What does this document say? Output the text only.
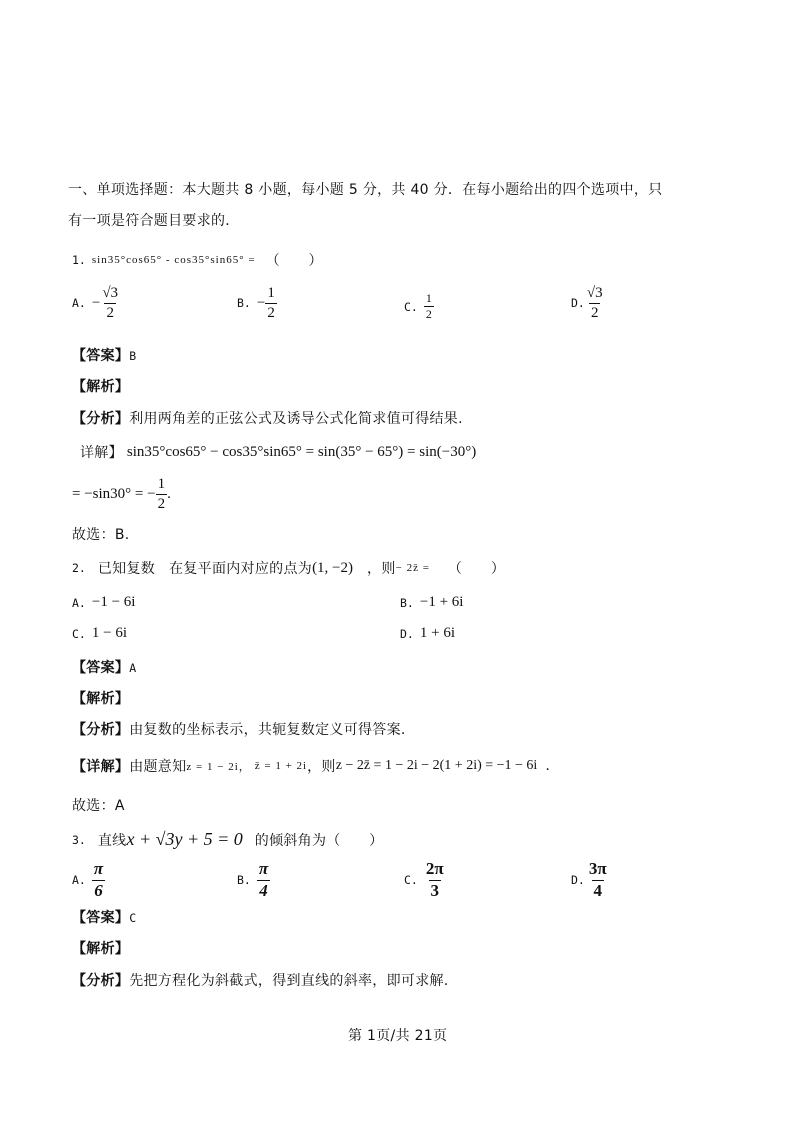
一、单项选择题：本大题共 8 小题，每小题 5 分，共 40 分．在每小题给出的四个选项中，只
有一项是符合题目要求的．
1. sin35°cos65° - cos35°sin65° = （　　）
A. − $\frac{√3}{2}$	B. − $\frac{1}{2}$	C. $\frac{1}{2}$	D. $\frac{√3}{2}$
【答案】B
【解析】
【分析】利用两角差的正弦公式及诱导公式化简求值可得结果.
详解】 sin35°cos65° − cos35°sin65° = sin(35° − 65°) = sin(−30°)
= −sin30° = − $\frac{1}{2}$ .
故选：B.
2. 已知复数 在复平面内对应的点为 (1, −2) ，则 − 2z̄ = （　　）
A. −1 − 6i	B. −1 + 6i
C. 1 − 6i	D. 1 + 6i
【答案】A
【解析】
【分析】由复数的坐标表示，共轭复数定义可得答案.
【详解】 由题意知 z = 1 − 2i， z̄ = 1 + 2i ，则 z − 2z̄ = 1 − 2i − 2(1 + 2i) = −1 − 6i .
故选：A
3. 直线 x + √3y + 5 = 0 的倾斜角为（　　）
A. $\frac{\pi}{6}$	B. $\frac{\pi}{4}$	C. $\frac{2\pi}{3}$	D. $\frac{3\pi}{4}$
【答案】C
【解析】
【分析】先把方程化为斜截式，得到直线的斜率，即可求解.
第 1页/共 21页
